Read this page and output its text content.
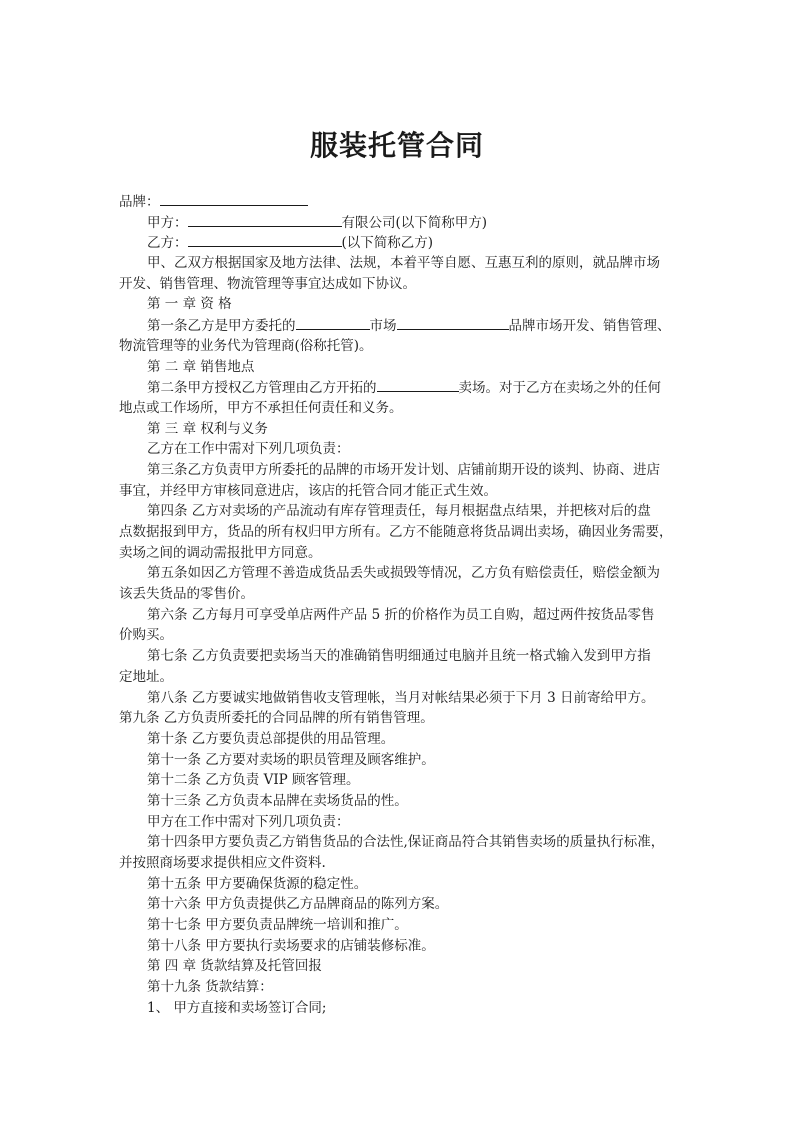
服装托管合同
品牌：
甲方：	有限公司(以下简称甲方)
乙方：	(以下简称乙方)
甲、乙双方根据国家及地方法律、法规，本着平等自愿、互惠互利的原则，就品牌市场
开发、销售管理、物流管理等事宜达成如下协议。
第 一 章 资 格
第一条乙方是甲方委托的	市场	品牌市场开发、销售管理、
物流管理等的业务代为管理商(俗称托管)。
第 二 章 销售地点
第二条甲方授权乙方管理由乙方开拓的	卖场。对于乙方在卖场之外的任何
地点或工作场所，甲方不承担任何责任和义务。
第 三 章 权利与义务
乙方在工作中需对下列几项负责：
第三条乙方负责甲方所委托的品牌的市场开发计划、店铺前期开设的谈判、协商、进店
事宜，并经甲方审核同意进店，该店的托管合同才能正式生效。
第四条 乙方对卖场的产品流动有库存管理责任，每月根据盘点结果，并把核对后的盘
点数据报到甲方，货品的所有权归甲方所有。乙方不能随意将货品调出卖场，确因业务需要，
卖场之间的调动需报批甲方同意。
第五条如因乙方管理不善造成货品丢失或损毁等情况，乙方负有赔偿责任，赔偿金额为
该丢失货品的零售价。
第六条 乙方每月可享受单店两件产品 5 折的价格作为员工自购，超过两件按货品零售
价购买。
第七条 乙方负责要把卖场当天的准确销售明细通过电脑并且统一格式输入发到甲方指
定地址。
第八条 乙方要诚实地做销售收支管理帐，当月对帐结果必须于下月 3 日前寄给甲方。
第九条 乙方负责所委托的合同品牌的所有销售管理。
第十条 乙方要负责总部提供的用品管理。
第十一条 乙方要对卖场的职员管理及顾客维护。
第十二条 乙方负责 VIP 顾客管理。
第十三条 乙方负责本品牌在卖场货品的性。
甲方在工作中需对下列几项负责：
第十四条甲方要负责乙方销售货品的合法性,保证商品符合其销售卖场的质量执行标准，
并按照商场要求提供相应文件资料.
第十五条 甲方要确保货源的稳定性。
第十六条 甲方负责提供乙方品牌商品的陈列方案。
第十七条 甲方要负责品牌统一培训和推广。
第十八条 甲方要执行卖场要求的店铺装修标准。
第 四 章 货款结算及托管回报
第十九条 货款结算：
1、 甲方直接和卖场签订合同;
